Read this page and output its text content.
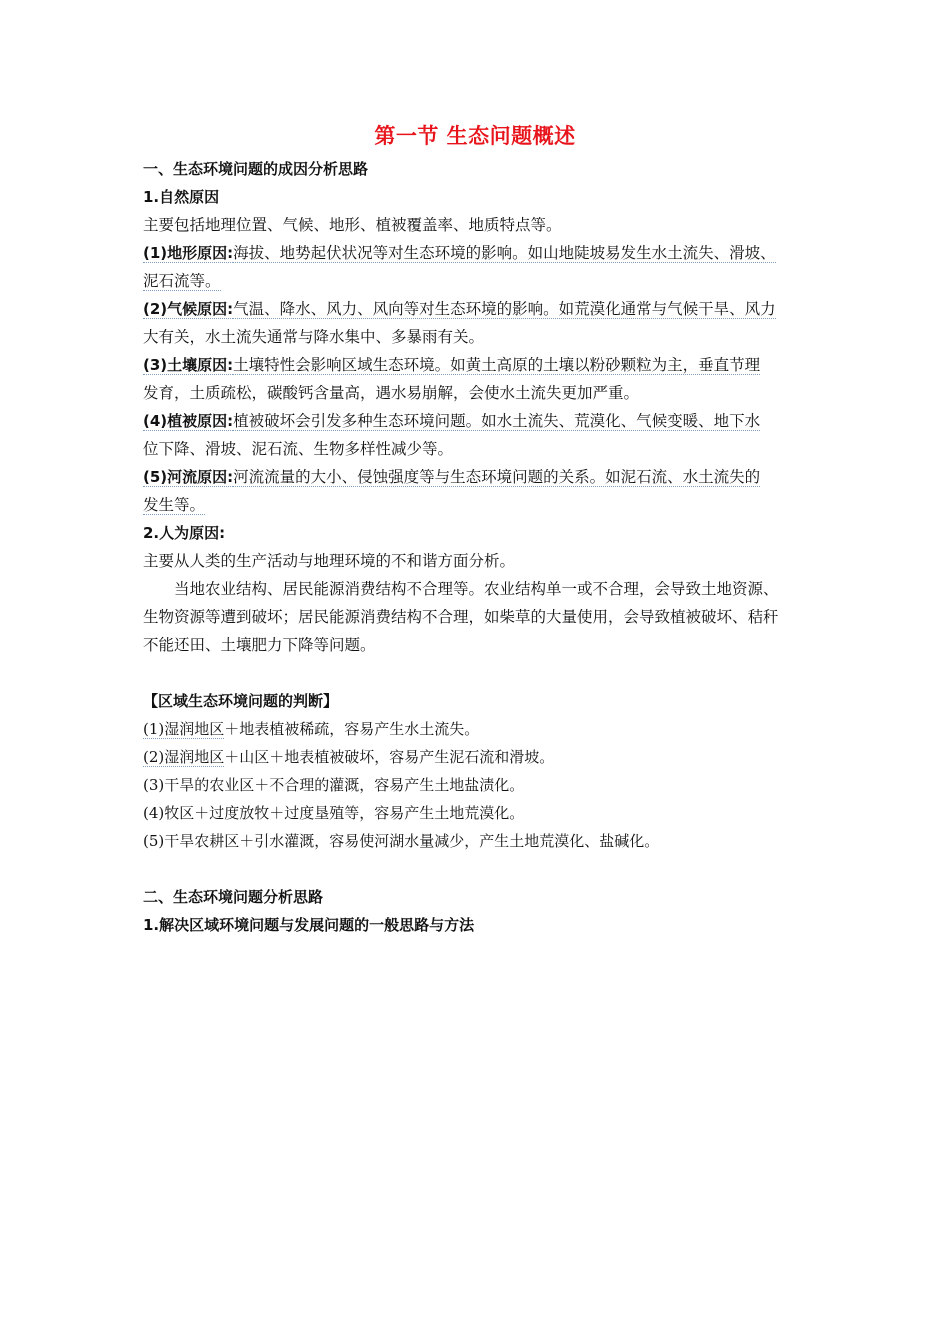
第一节 生态问题概述

一、生态环境问题的成因分析思路

1.自然原因

主要包括地理位置、气候、地形、植被覆盖率、地质特点等。

(1)地形原因:海拔、地势起伏状况等对生态环境的影响。如山地陡坡易发生水土流失、滑坡、

泥石流等。

(2)气候原因:气温、降水、风力、风向等对生态环境的影响。如荒漠化通常与气候干旱、风力

大有关，水土流失通常与降水集中、多暴雨有关。

(3)土壤原因:土壤特性会影响区域生态环境。如黄土高原的土壤以粉砂颗粒为主，垂直节理

发育，土质疏松，碳酸钙含量高，遇水易崩解，会使水土流失更加严重。

(4)植被原因:植被破坏会引发多种生态环境问题。如水土流失、荒漠化、气候变暖、地下水

位下降、滑坡、泥石流、生物多样性减少等。

(5)河流原因:河流流量的大小、侵蚀强度等与生态环境问题的关系。如泥石流、水土流失的

发生等。

2.人为原因:

主要从人类的生产活动与地理环境的不和谐方面分析。

当地农业结构、居民能源消费结构不合理等。农业结构单一或不合理，会导致土地资源、

生物资源等遭到破坏；居民能源消费结构不合理，如柴草的大量使用，会导致植被破坏、秸秆

不能还田、土壤肥力下降等问题。

【区域生态环境问题的判断】

(1)湿润地区＋地表植被稀疏，容易产生水土流失。

(2)湿润地区＋山区＋地表植被破坏，容易产生泥石流和滑坡。

(3)干旱的农业区＋不合理的灌溉，容易产生土地盐渍化。

(4)牧区＋过度放牧＋过度垦殖等，容易产生土地荒漠化。

(5)干旱农耕区＋引水灌溉，容易使河湖水量减少，产生土地荒漠化、盐碱化。

二、生态环境问题分析思路

1.解决区域环境问题与发展问题的一般思路与方法
